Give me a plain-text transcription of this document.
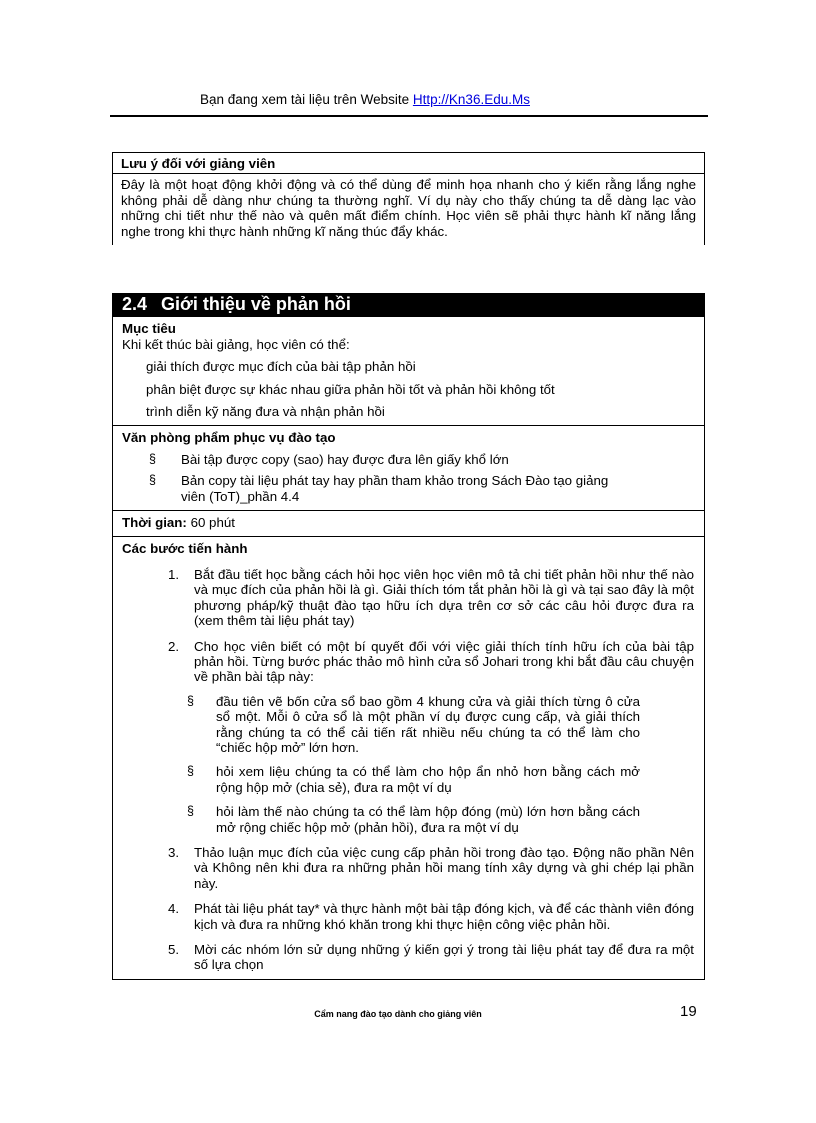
Bạn đang xem tài liệu trên Website Http://Kn36.Edu.Ms
Lưu ý đối với giảng viên
Đây là một hoạt động khởi động và có thể dùng để minh họa nhanh cho ý kiến rằng lắng nghe không phải dễ dàng như chúng ta thường nghĩ. Ví dụ này cho thấy chúng ta dễ dàng lạc vào những chi tiết như thế nào và quên mất điểm chính. Học viên sẽ phải thực hành kĩ năng lắng nghe trong khi thực hành những kĩ năng thúc đẩy khác.
2.4 Giới thiệu về phản hồi
Mục tiêu
Khi kết thúc bài giảng, học viên có thể:
giải thích được mục đích của bài tập phản hồi
phân biệt được sự khác nhau giữa phản hồi tốt và phản hồi không tốt
trình diễn kỹ năng đưa và nhận phản hồi
Văn phòng phẩm phục vụ đào tạo
§	Bài tập được copy (sao) hay được đưa lên giấy khổ lớn
§	Bản copy tài liệu phát tay hay phần tham khảo trong Sách Đào tạo giảng viên (ToT)_phần 4.4
Thời gian: 60 phút
Các bước tiến hành
1.	Bắt đầu tiết học bằng cách hỏi học viên học viên mô tả chi tiết phản hồi như thế nào và mục đích của phản hồi là gì. Giải thích tóm tắt phản hồi là gì và tại sao đây là một phương pháp/kỹ thuật đào tạo hữu ích dựa trên cơ sở các câu hỏi được đưa ra (xem thêm tài liệu phát tay)
2.	Cho học viên biết có một bí quyết đối với việc giải thích tính hữu ích của bài tập phản hồi. Từng bước phác thảo mô hình cửa sổ Johari trong khi bắt đầu câu chuyện về phần bài tập này:
§	đầu tiên vẽ bốn cửa sổ bao gồm 4 khung cửa và giải thích từng ô cửa sổ một. Mỗi ô cửa sổ là một phần ví dụ được cung cấp, và giải thích rằng chúng ta có thể cải tiến rất nhiều nếu chúng ta có thể làm cho “chiếc hộp mở” lớn hơn.
§	hỏi xem liệu chúng ta có thể làm cho hộp ẩn nhỏ hơn bằng cách mở rộng hộp mở (chia sẻ), đưa ra một ví dụ
§	hỏi làm thế nào chúng ta có thể làm hộp đóng (mù) lớn hơn bằng cách mở rộng chiếc hộp mở (phản hồi), đưa ra một ví dụ
3.	Thảo luận mục đích của việc cung cấp phản hồi trong đào tạo. Động não phần Nên và Không nên khi đưa ra những phản hồi mang tính xây dựng và ghi chép lại phần này.
4.	Phát tài liệu phát tay* và thực hành một bài tập đóng kịch, và để các thành viên đóng kịch và đưa ra những khó khăn trong khi thực hiện công việc phản hồi.
5.	Mời các nhóm lớn sử dụng những ý kiến gợi ý trong tài liệu phát tay để đưa ra một số lựa chọn
Cẩm nang đào tạo dành cho giảng viên	19
